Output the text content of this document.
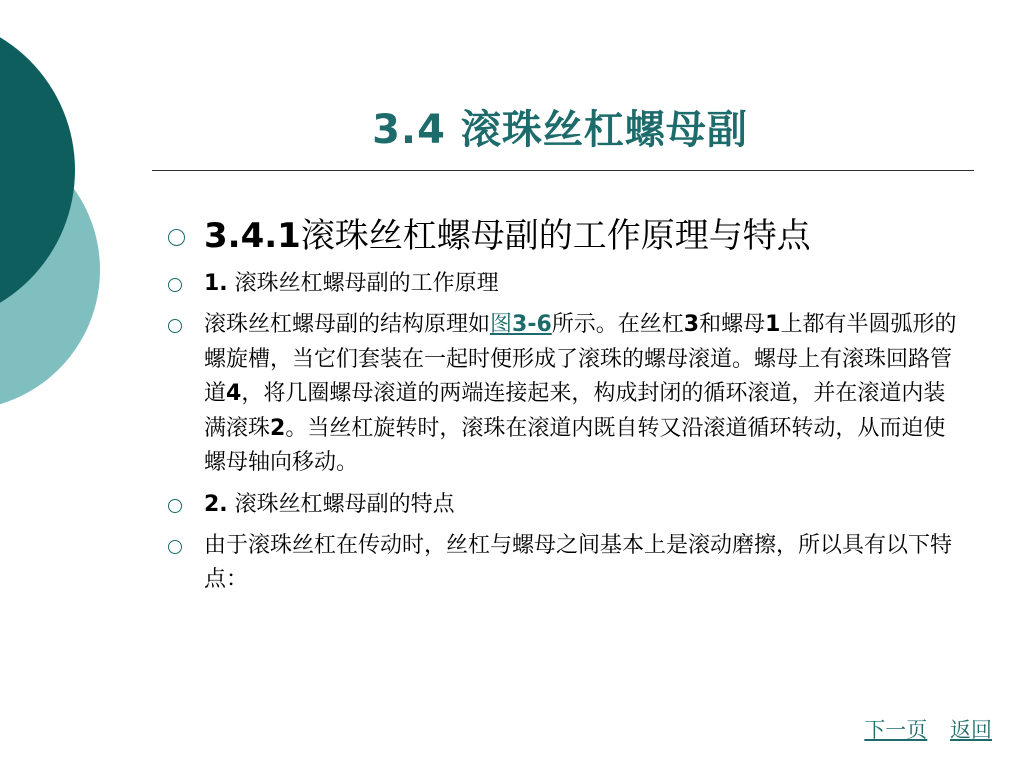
3.4 滚珠丝杠螺母副
3.4.1滚珠丝杠螺母副的工作原理与特点
1. 滚珠丝杠螺母副的工作原理
滚珠丝杠螺母副的结构原理如图3-6所示。在丝杠3和螺母1上都有半圆弧形的螺旋槽，当它们套装在一起时便形成了滚珠的螺母滚道。螺母上有滚珠回路管道4，将几圈螺母滚道的两端连接起来，构成封闭的循环滚道，并在滚道内装满滚珠2。当丝杠旋转时，滚珠在滚道内既自转又沿滚道循环转动，从而迫使螺母轴向移动。
2. 滚珠丝杠螺母副的特点
由于滚珠丝杠在传动时，丝杠与螺母之间基本上是滚动磨擦，所以具有以下特点：
下一页 返回
